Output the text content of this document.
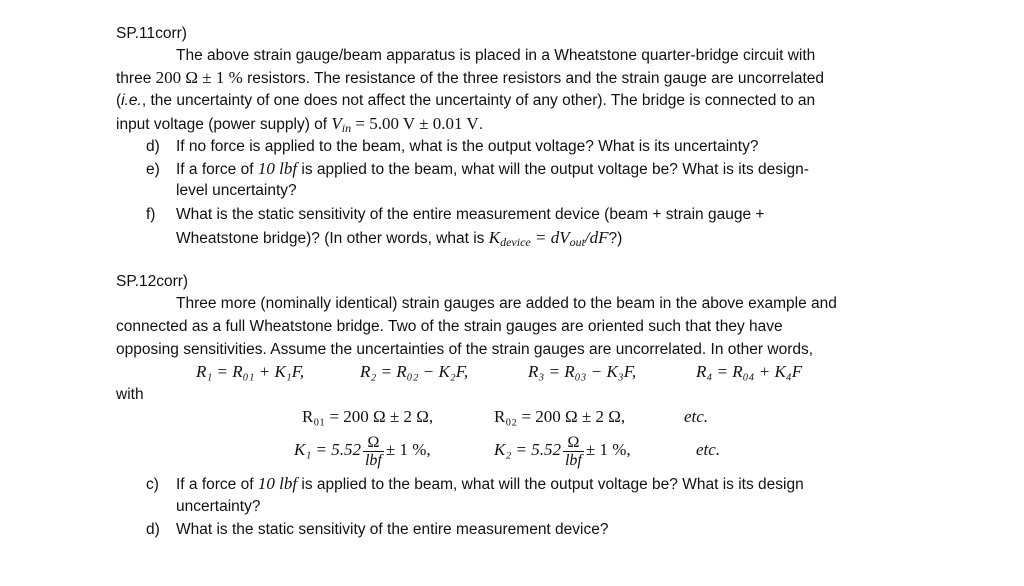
SP.11corr)
The above strain gauge/beam apparatus is placed in a Wheatstone quarter-bridge circuit with
three 200 Ω ± 1 % resistors. The resistance of the three resistors and the strain gauge are uncorrelated
(i.e., the uncertainty of one does not affect the uncertainty of any other). The bridge is connected to an
input voltage (power supply) of $V_{in} = 5.00$ V ± 0.01 V.
d) If no force is applied to the beam, what is the output voltage? What is its uncertainty?
e) If a force of 10 lbf is applied to the beam, what will the output voltage be? What is its design-
level uncertainty?
f) What is the static sensitivity of the entire measurement device (beam + strain gauge +
Wheatstone bridge)? (In other words, what is $K_{device}$ = $dV_{out}/dF$?)
SP.12corr)
Three more (nominally identical) strain gauges are added to the beam in the above example and
connected as a full Wheatstone bridge. Two of the strain gauges are oriented such that they have
opposing sensitivities. Assume the uncertainties of the strain gauges are uncorrelated. In other words,
R₁ = R₀₁ + K₁F,	R₂ = R₀₂ − K₂F,	R₃ = R₀₃ − K₃F,	R₄ = R₀₄ + K₄F
with
R₀₁ = 200 Ω ± 2 Ω,	R₀₂ = 200 Ω ± 2 Ω,	etc.
$K_1 = 5.52 \frac{\Omega}{\text{lbf}} \pm 1$ %,	$K_2 = 5.52 \frac{\Omega}{\text{lbf}} \pm 1$ %,	etc.
c) If a force of 10 lbf is applied to the beam, what will the output voltage be? What is its design
uncertainty?
d) What is the static sensitivity of the entire measurement device?
